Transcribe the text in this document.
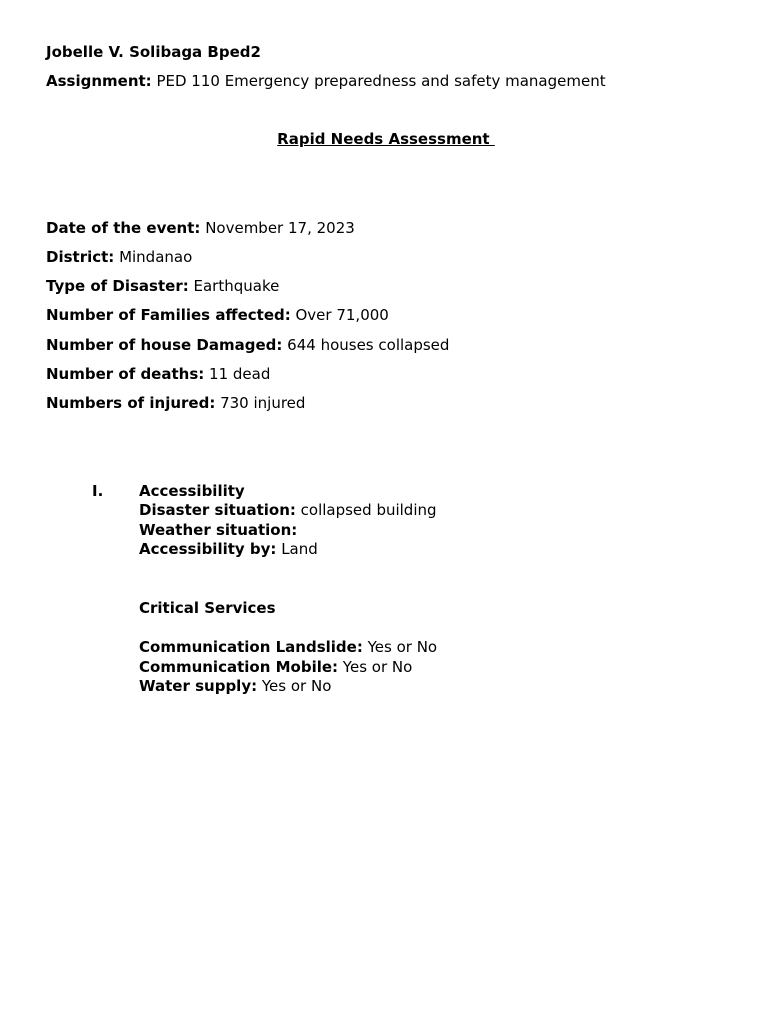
Jobelle V. Solibaga Bped2
Assignment: PED 110 Emergency preparedness and safety management
Rapid Needs Assessment
Date of the event: November 17, 2023
District: Mindanao
Type of Disaster: Earthquake
Number of Families affected: Over 71,000
Number of house Damaged: 644 houses collapsed
Number of deaths: 11 dead
Numbers of injured: 730 injured
I. Accessibility
Disaster situation: collapsed building
Weather situation:
Accessibility by: Land
Critical Services
Communication Landslide: Yes or No
Communication Mobile: Yes or No
Water supply: Yes or No
